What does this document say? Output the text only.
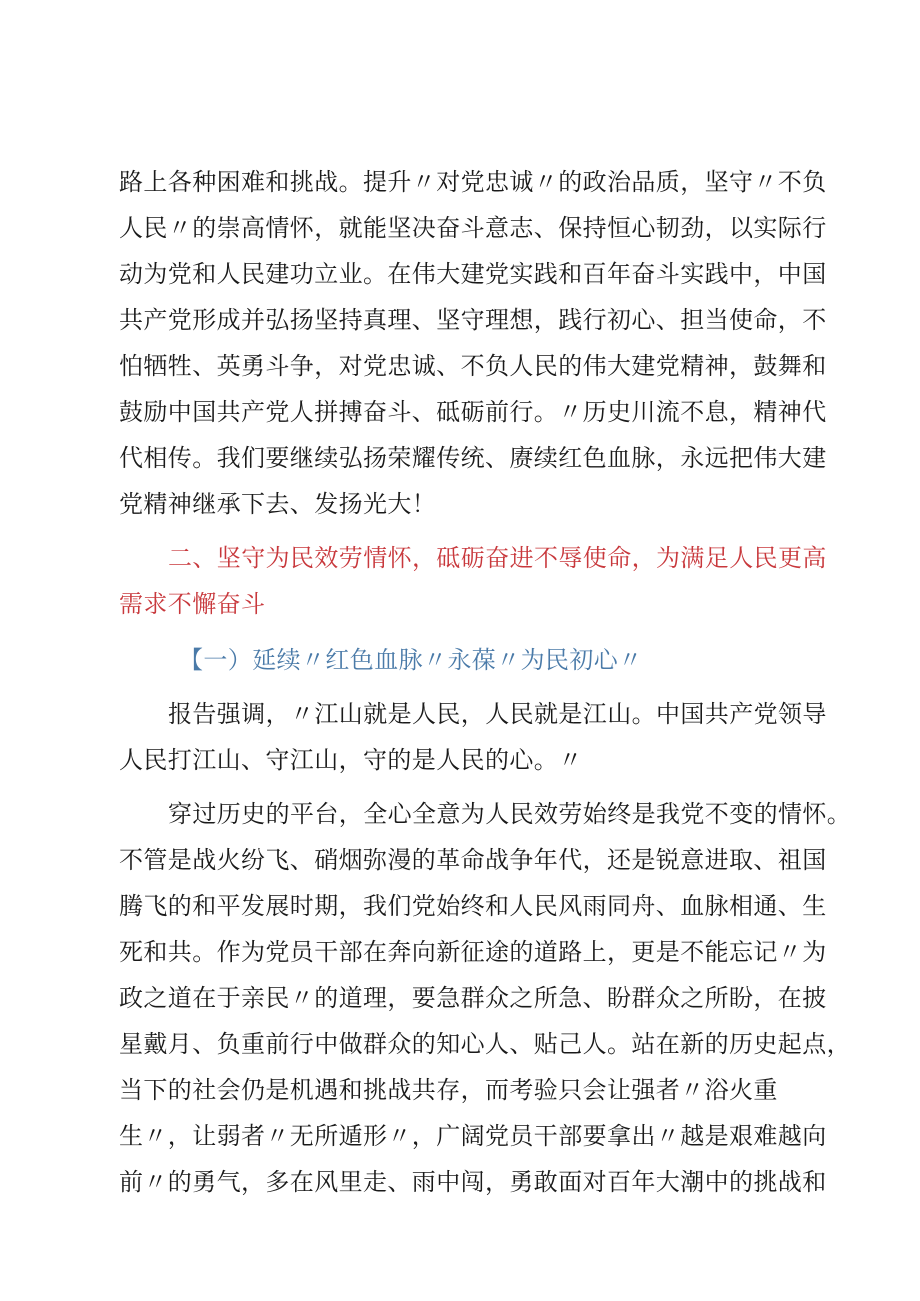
路上各种困难和挑战。提升〃对党忠诚〃的政治品质，坚守〃不负
人民〃的崇高情怀，就能坚决奋斗意志、保持恒心韧劲，以实际行
动为党和人民建功立业。在伟大建党实践和百年奋斗实践中，中国
共产党形成并弘扬坚持真理、坚守理想，践行初心、担当使命，不
怕牺牲、英勇斗争，对党忠诚、不负人民的伟大建党精神，鼓舞和
鼓励中国共产党人拼搏奋斗、砥砺前行。〃历史川流不息，精神代
代相传。我们要继续弘扬荣耀传统、赓续红色血脉，永远把伟大建
党精神继承下去、发扬光大！
二、坚守为民效劳情怀，砥砺奋进不辱使命，为满足人民更高
需求不懈奋斗
【一）延续〃红色血脉〃永葆〃为民初心〃
报告强调，〃江山就是人民，人民就是江山。中国共产党领导
人民打江山、守江山，守的是人民的心。〃
穿过历史的平台，全心全意为人民效劳始终是我党不变的情怀。
不管是战火纷飞、硝烟弥漫的革命战争年代，还是锐意进取、祖国
腾飞的和平发展时期，我们党始终和人民风雨同舟、血脉相通、生
死和共。作为党员干部在奔向新征途的道路上，更是不能忘记〃为
政之道在于亲民〃的道理，要急群众之所急、盼群众之所盼，在披
星戴月、负重前行中做群众的知心人、贴己人。站在新的历史起点，
当下的社会仍是机遇和挑战共存，而考验只会让强者〃浴火重
生〃，让弱者〃无所遁形〃，广阔党员干部要拿出〃越是艰难越向
前〃的勇气，多在风里走、雨中闯，勇敢面对百年大潮中的挑战和
